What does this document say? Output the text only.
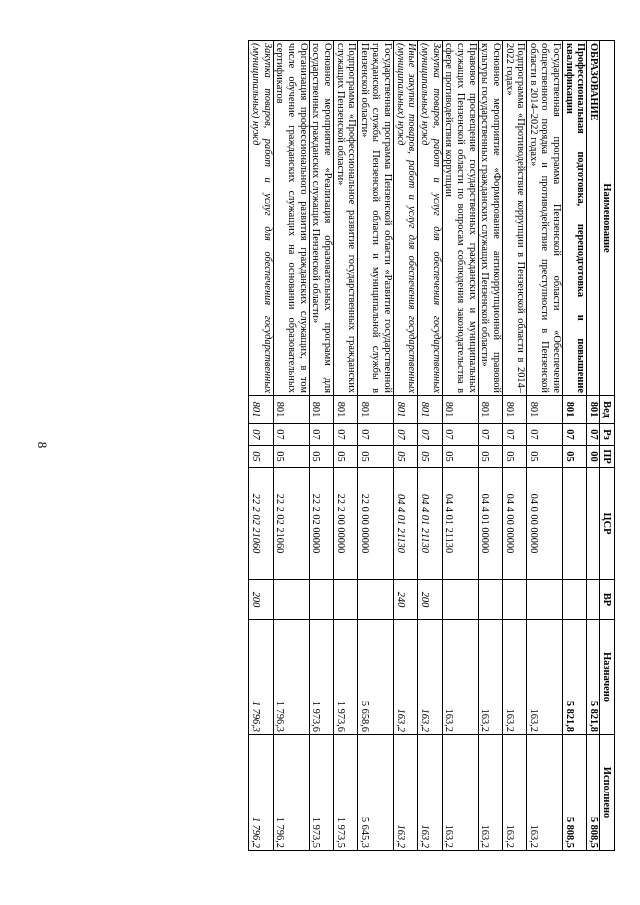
8
Наименование	Вед	Рз	ПР	ЦСР	ВР	Назначено	Исполнено
ОБРАЗОВАНИЕ	801	07	00			5 821,8	5 808,5
Профессиональная подготовка, переподготовка и повышение квалификации	801	07	05			5 821,8	5 808,5
Государственная программа Пензенской области «Обеспечение общественного порядка и противодействие преступности в Пензенской области в 2014–2022 годах»	801	07	05	04 0 00 00000		163,2	163,2
Подпрограмма «Противодействие коррупции в Пензенской области в 2014–2022 годах»	801	07	05	04 4 00 00000		163,2	163,2
Основное мероприятие «Формирование антикоррупционной правовой культуры государственных гражданских служащих Пензенской области»	801	07	05	04 4 01 00000		163,2	163,2
Правовое просвещение государственных гражданских и муниципальных служащих Пензенской области по вопросам соблюдения законодательства в сфере противодействия коррупции	801	07	05	04 4 01 21130		163,2	163,2
Закупка товаров, работ и услуг для обеспечения государственных (муниципальных) нужд	801	07	05	04 4 01 21130	200	163,2	163,2
Иные закупки товаров, работ и услуг для обеспечения государственных (муниципальных) нужд	801	07	05	04 4 01 21130	240	163,2	163,2
Государственная программа Пензенской области «Развитие государственной гражданской службы Пензенской области и муниципальной службы в Пензенской области»	801	07	05	22 0 00 00000		5 658,6	5 645,3
Подпрограмма «Профессиональное развитие государственных гражданских служащих Пензенской области»	801	07	05	22 2 00 00000		1 973,6	1 973,5
Основное мероприятие «Реализация образовательных программ для государственных гражданских служащих Пензенской области»	801	07	05	22 2 02 00000		1 973,6	1 973,5
Организация профессионального развития гражданских служащих, в том числе обучение гражданских служащих на основании образовательных сертификатов	801	07	05	22 2 02 21060		1 796,3	1 796,2
Закупка товаров, работ и услуг для обеспечения государственных (муниципальных) нужд	801	07	05	22 2 02 21060	200	1 796,3	1 796,2
